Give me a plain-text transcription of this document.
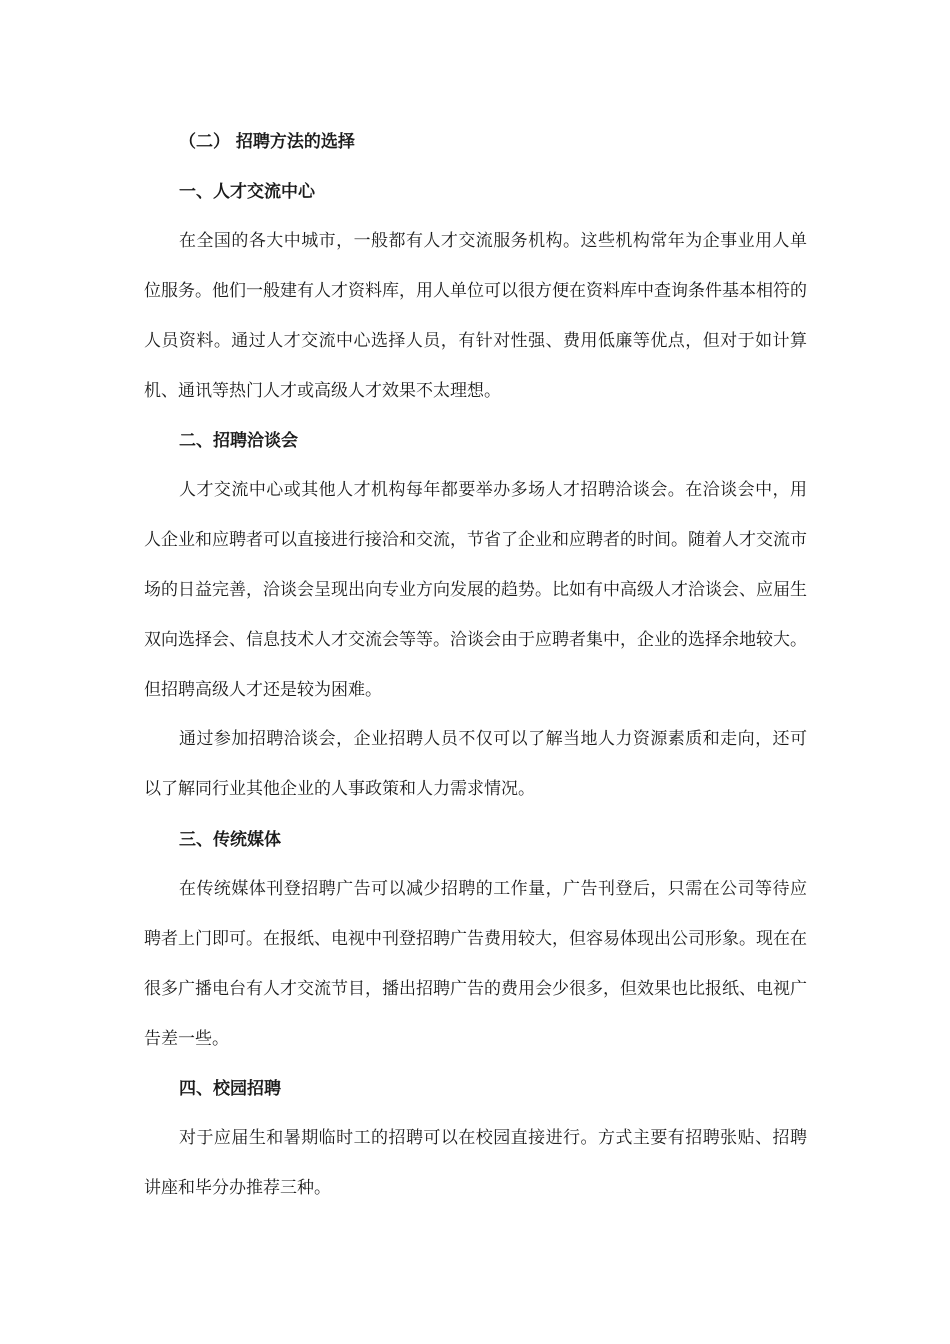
（二） 招聘方法的选择
一、人才交流中心

在全国的各大中城市，一般都有人才交流服务机构。这些机构常年为企事业用人单位服务。他们一般建有人才资料库，用人单位可以很方便在资料库中查询条件基本相符的人员资料。通过人才交流中心选择人员，有针对性强、费用低廉等优点，但对于如计算机、通讯等热门人才或高级人才效果不太理想。

二、招聘洽谈会

人才交流中心或其他人才机构每年都要举办多场人才招聘洽谈会。在洽谈会中，用人企业和应聘者可以直接进行接洽和交流，节省了企业和应聘者的时间。随着人才交流市场的日益完善，洽谈会呈现出向专业方向发展的趋势。比如有中高级人才洽谈会、应届生双向选择会、信息技术人才交流会等等。洽谈会由于应聘者集中，企业的选择余地较大。但招聘高级人才还是较为困难。

通过参加招聘洽谈会，企业招聘人员不仅可以了解当地人力资源素质和走向，还可以了解同行业其他企业的人事政策和人力需求情况。

三、传统媒体

在传统媒体刊登招聘广告可以减少招聘的工作量，广告刊登后，只需在公司等待应聘者上门即可。在报纸、电视中刊登招聘广告费用较大，但容易体现出公司形象。现在在很多广播电台有人才交流节目，播出招聘广告的费用会少很多，但效果也比报纸、电视广告差一些。

四、校园招聘

对于应届生和暑期临时工的招聘可以在校园直接进行。方式主要有招聘张贴、招聘讲座和毕分办推荐三种。
